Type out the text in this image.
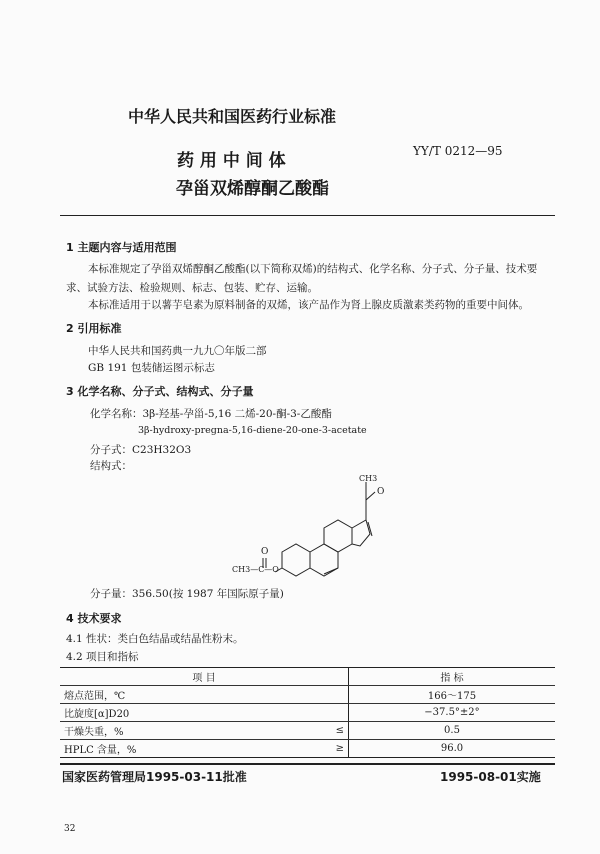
中华人民共和国医药行业标准
YY/T 0212—95
药 用 中 间 体
孕甾双烯醇酮乙酸酯
1 主题内容与适用范围
本标准规定了孕甾双烯醇酮乙酸酯(以下简称双烯)的结构式、化学名称、分子式、分子量、技术要
求、试验方法、检验规则、标志、包装、贮存、运输。
本标准适用于以薯芋皂素为原料制备的双烯，该产品作为肾上腺皮质激素类药物的重要中间体。
2 引用标准
中华人民共和国药典一九九〇年版二部
GB 191 包装储运图示标志
3 化学名称、分子式、结构式、分子量
化学名称：3β-羟基-孕甾-5,16 二烯-20-酮-3-乙酸酯
3β-hydroxy-pregna-5,16-diene-20-one-3-acetate
分子式：C23H32O3
结构式：
CH3
O
O
CH3—C—O
分子量：356.50(按 1987 年国际原子量)
4 技术要求
4.1 性状：类白色结晶或结晶性粉末。
4.2 项目和指标
项 目		指 标
熔点范围，℃		166～175
比旋度[α]D20		−37.5°±2°
干燥失重，%	≤	0.5
HPLC 含量，%	≥	96.0
国家医药管理局1995-03-11批准	1995-08-01实施
32
